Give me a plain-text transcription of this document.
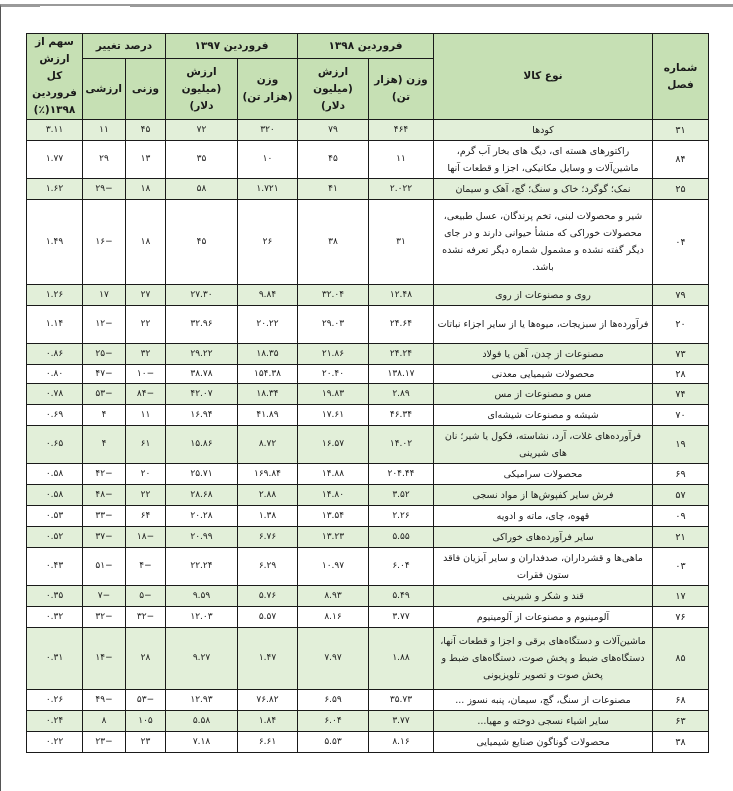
شماره فصل	نوع کالا	فروردین ۱۳۹۸		فروردین ۱۳۹۷		درصد تغییر		سهم از ارزش کل فروردین ۱۳۹۸(٪)
		وزن (هزار تن)	ارزش (میلیون دلار)	وزن (هزار تن)	ارزش (میلیون دلار)	وزنی	ارزشی	
۳۱	کودها	۴۶۴	۷۹	۳۲۰	۷۲	۴۵	۱۱	۳.۱۱
۸۴	راکتورهای هسته ای، دیگ های بخار آب گرم، ماشین‌آلات و وسایل مکانیکی، اجزا و قطعات آنها	۱۱	۴۵	۱۰	۳۵	۱۳	۲۹	۱.۷۷
۲۵	نمک؛ گوگرد؛ خاک و سنگ؛ گچ، آهک و سیمان	۲.۰۲۲	۴۱	۱.۷۲۱	۵۸	۱۸	−۲۹	۱.۶۲
۰۴	شیر و محصولات لبنی، تخم پرندگان، عسل طبیعی، محصولات خوراکی که منشأ حیوانی دارند و در جای دیگر گفته نشده و مشمول شماره دیگر تعرفه نشده باشد.	۳۱	۳۸	۲۶	۴۵	۱۸	−۱۶	۱.۴۹
۷۹	روی و مصنوعات از روی	۱۲.۴۸	۳۲.۰۴	۹.۸۴	۲۷.۳۰	۲۷	۱۷	۱.۲۶
۲۰	فرآورده‌ها از سبزیجات، میوه‌ها یا از سایر اجزاء نباتات	۲۴.۶۴	۲۹.۰۳	۲۰.۲۲	۳۲.۹۶	۲۲	−۱۲	۱.۱۴
۷۳	مصنوعات از چدن، آهن یا فولاد	۲۴.۲۴	۲۱.۸۶	۱۸.۳۵	۲۹.۲۲	۳۲	−۲۵	۰.۸۶
۲۸	محصولات شیمیایی معدنی	۱۳۸.۱۷	۲۰.۴۰	۱۵۴.۳۸	۳۸.۷۸	−۱۰	−۴۷	۰.۸۰
۷۴	مس و مصنوعات از مس	۲.۸۹	۱۹.۸۳	۱۸.۳۴	۴۲.۰۷	−۸۴	−۵۳	۰.۷۸
۷۰	شیشه و مصنوعات شیشه‌ای	۴۶.۳۴	۱۷.۶۱	۴۱.۸۹	۱۶.۹۴	۱۱	۴	۰.۶۹
۱۹	فرآورده‌های غلات، آرد، نشاسته، فکول یا شیر؛ نان های شیرینی	۱۴.۰۲	۱۶.۵۷	۸.۷۲	۱۵.۸۶	۶۱	۴	۰.۶۵
۶۹	محصولات سرامیکی	۲۰۴.۴۴	۱۴.۸۸	۱۶۹.۸۴	۲۵.۷۱	۲۰	−۴۲	۰.۵۸
۵۷	فرش سایر کفپوش‌ها از مواد نسجی	۳.۵۲	۱۴.۸۰	۲.۸۸	۲۸.۶۸	۲۲	−۴۸	۰.۵۸
۰۹	قهوه، چای، ماته و ادویه	۲.۲۶	۱۳.۵۴	۱.۳۸	۲۰.۲۸	۶۴	−۳۳	۰.۵۳
۲۱	سایر فرآورده‌های خوراکی	۵.۵۵	۱۳.۲۳	۶.۷۶	۲۰.۹۹	−۱۸	−۳۷	۰.۵۲
۰۳	ماهی‌ها و قشرداران، صدفداران و سایر آبزیان فاقد ستون فقرات	۶.۰۴	۱۰.۹۷	۶.۲۹	۲۲.۲۴	−۴	−۵۱	۰.۴۳
۱۷	قند و شکر و شیرینی	۵.۴۹	۸.۹۳	۵.۷۶	۹.۵۹	−۵	−۷	۰.۳۵
۷۶	آلومینیوم و مصنوعات از آلومینیوم	۳.۷۷	۸.۱۶	۵.۵۷	۱۲.۰۳	−۳۲	−۳۲	۰.۳۲
۸۵	ماشین‌آلات و دستگاه‌های برقی و اجزا و قطعات آنها، دستگاه‌های ضبط و پخش صوت، دستگاه‌های ضبط و پخش صوت و تصویر تلویزیونی	۱.۸۸	۷.۹۷	۱.۴۷	۹.۲۷	۲۸	−۱۴	۰.۳۱
۶۸	مصنوعات از سنگ، گچ، سیمان، پنبه نسوز ...	۳۵.۷۳	۶.۵۹	۷۶.۸۲	۱۲.۹۳	−۵۳	−۴۹	۰.۲۶
۶۳	سایر اشیاء نسجی دوخته و مهیا...	۳.۷۷	۶.۰۴	۱.۸۴	۵.۵۸	۱۰۵	۸	۰.۲۴
۳۸	محصولات گوناگون صنایع شیمیایی	۸.۱۶	۵.۵۳	۶.۶۱	۷.۱۸	۲۳	−۲۳	۰.۲۲
